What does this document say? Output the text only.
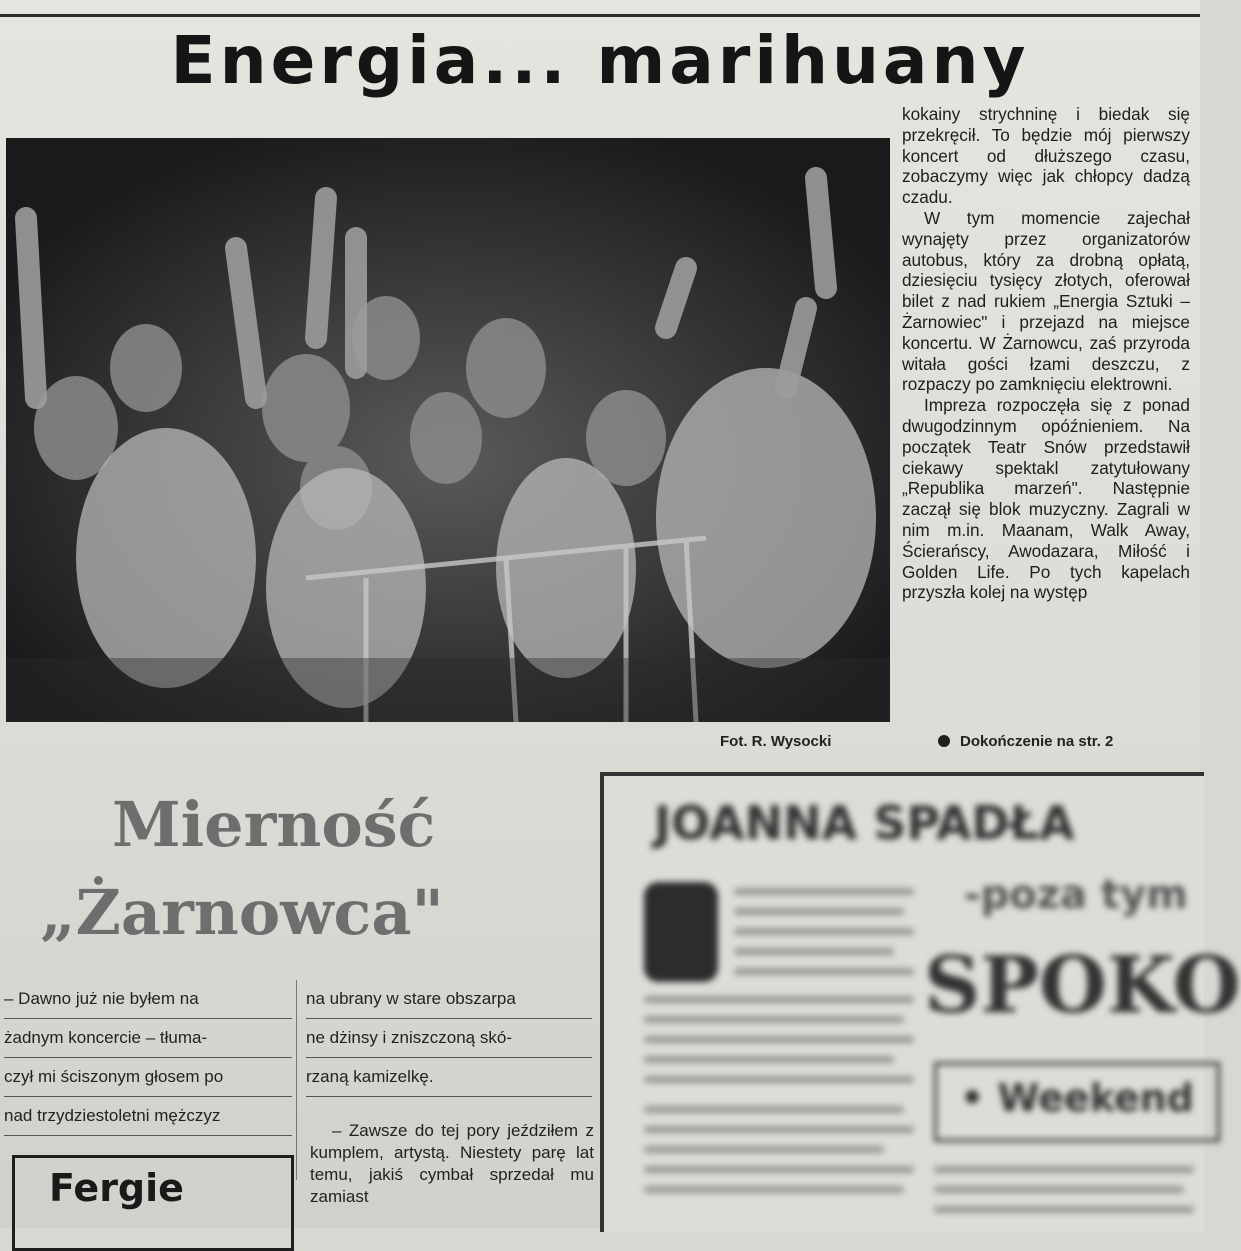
Energia... marihuany

kokainy strychninę i biedak się przekręcił. To będzie mój pierwszy koncert od dłuższego czasu, zobaczymy więc jak chłopcy dadzą czadu.

W tym momencie zajechał wynajęty przez organizatorów autobus, który za drobną opłatą, dziesięciu tysięcy złotych, oferował bilet z nad rukiem „Energia Sztuki – Żarnowiec" i przejazd na miejsce koncertu. W Żarnowcu, zaś przyroda witała gości łzami deszczu, z rozpaczy po zamknięciu elektrowni.

Impreza rozpoczęła się z ponad dwugodzinnym opóźnieniem. Na początek Teatr Snów przedstawił ciekawy spektakl zatytułowany „Republika marzeń". Następnie zaczął się blok muzyczny. Zagrali w nim m.in. Maanam, Walk Away, Ścierańscy, Awodazara, Miłość i Golden Life. Po tych kapelach przyszła kolej na występ

Fot. R. Wysocki	Dokończenie na str. 2
Mierność
„Żarnowca"
– Dawno już nie byłem na
żadnym koncercie – tłuma-
czył mi ściszonym głosem po
nad trzydziestoletni mężczyz
na ubrany w stare obszarpa
ne dżinsy i zniszczoną skó-
rzaną kamizelkę.

– Zawsze do tej pory jeździłem z kumplem, artystą. Niestety parę lat temu, jakiś cymbał sprzedał mu zamiast

Fergie
JOANNA SPADŁA
-poza tym
SPOKO
• Weekend
